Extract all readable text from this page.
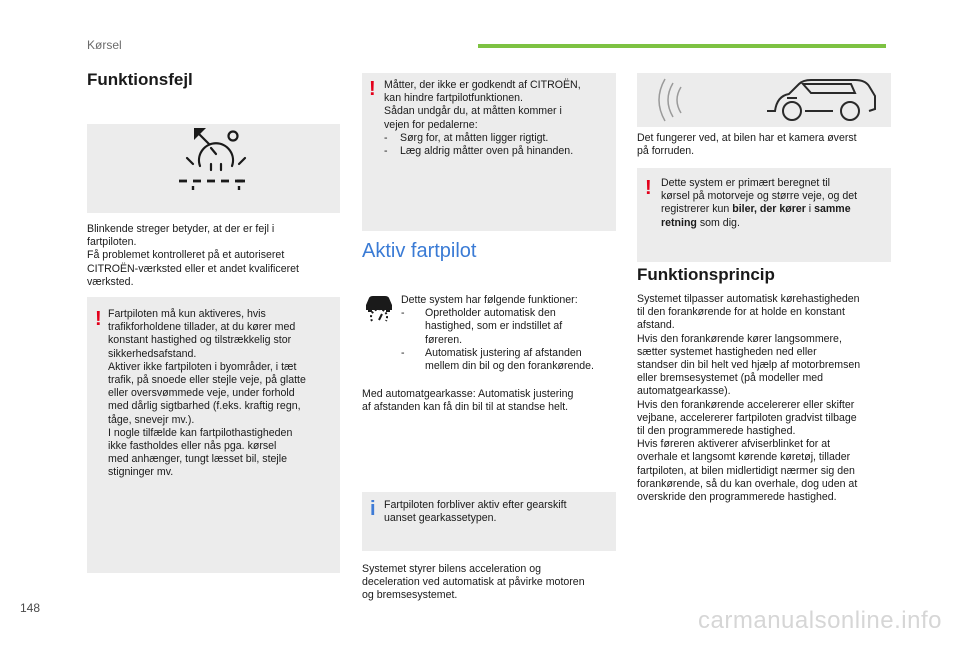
Kørsel
Funktionsfejl
Blinkende streger betyder, at der er fejl i
fartpiloten.
Få problemet kontrolleret på et autoriseret
CITROËN-værksted eller et andet kvalificeret
værksted.
! Fartpiloten må kun aktiveres, hvis
trafikforholdene tillader, at du kører med
konstant hastighed og tilstrækkelig stor
sikkerhedsafstand.
Aktiver ikke fartpiloten i byområder, i tæt
trafik, på snoede eller stejle veje, på glatte
eller oversvømmede veje, under forhold
med dårlig sigtbarhed (f.eks. kraftig regn,
tåge, snevejr mv.).
I nogle tilfælde kan fartpilothastigheden
ikke fastholdes eller nås pga. kørsel
med anhænger, tungt læsset bil, stejle
stigninger mv.
! Måtter, der ikke er godkendt af CITROËN,
kan hindre fartpilotfunktionen.
Sådan undgår du, at måtten kommer i
vejen for pedalerne:
-	Sørg for, at måtten ligger rigtigt.
-	Læg aldrig måtter oven på hinanden.
Aktiv fartpilot
Dette system har følgende funktioner:
-	Opretholder automatisk den
hastighed, som er indstillet af
føreren.
-	Automatisk justering af afstanden
mellem din bil og den forankørende.
Med automatgearkasse: Automatisk justering
af afstanden kan få din bil til at standse helt.
i Fartpiloten forbliver aktiv efter gearskift
uanset gearkassetypen.
Systemet styrer bilens acceleration og
deceleration ved automatisk at påvirke motoren
og bremsesystemet.
Det fungerer ved, at bilen har et kamera øverst
på forruden.
! Dette system er primært beregnet til
kørsel på motorveje og større veje, og det
registrerer kun biler, der kører i samme
retning som dig.
Funktionsprincip
Systemet tilpasser automatisk kørehastigheden
til den forankørende for at holde en konstant
afstand.
Hvis den forankørende kører langsommere,
sætter systemet hastigheden ned eller
standser din bil helt ved hjælp af motorbremsen
eller bremsesystemet (på modeller med
automatgearkasse).
Hvis den forankørende accelererer eller skifter
vejbane, accelererer fartpiloten gradvist tilbage
til den programmerede hastighed.
Hvis føreren aktiverer afviserblinket for at
overhale et langsomt kørende køretøj, tillader
fartpiloten, at bilen midlertidigt nærmer sig den
forankørende, så du kan overhale, dog uden at
overskride den programmerede hastighed.
148	carmanualsonline.info
